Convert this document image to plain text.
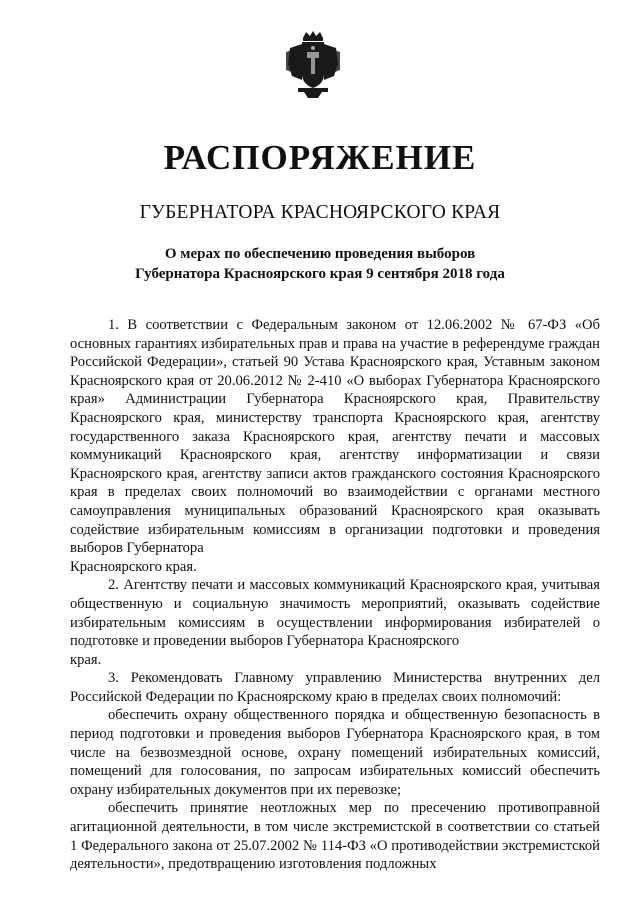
РАСПОРЯЖЕНИЕ
ГУБЕРНАТОРА КРАСНОЯРСКОГО КРАЯ
О мерах по обеспечению проведения выборов
Губернатора Красноярского края 9 сентября 2018 года

1. В соответствии с Федеральным законом от 12.06.2002 № 67-ФЗ «Об основных гарантиях избирательных прав и права на участие в референдуме граждан Российской Федерации», статьей 90 Устава Красноярского края, Уставным законом Красноярского края от 20.06.2012 № 2-410 «О выборах Губернатора Красноярского края» Администрации Губернатора Красноярского края, Правительству Красноярского края, министерству транспорта Красноярского края, агентству государственного заказа Красноярского края, агентству печати и массовых коммуникаций Красноярского края, агентству информатизации и связи Красноярского края, агентству записи актов гражданского состояния Красноярского края в пределах своих полномочий во взаимодействии с органами местного самоуправления муниципальных образований Красноярского края оказывать содействие избирательным комиссиям в организации подготовки и проведения выборов Губернатора

Красноярского края.

2. Агентству печати и массовых коммуникаций Красноярского края, учитывая общественную и социальную значимость мероприятий, оказывать содействие избирательным комиссиям в осуществлении информирования избирателей о подготовке и проведении выборов Губернатора Красноярского

края.

3. Рекомендовать Главному управлению Министерства внутренних дел Российской Федерации по Красноярскому краю в пределах своих полномочий:

обеспечить охрану общественного порядка и общественную безопасность в период подготовки и проведения выборов Губернатора Красноярского края, в том числе на безвозмездной основе, охрану помещений избирательных комиссий, помещений для голосования, по запросам избирательных комиссий обеспечить охрану избирательных документов при их перевозке;

обеспечить принятие неотложных мер по пресечению противоправной агитационной деятельности, в том числе экстремистской в соответствии со статьей 1 Федерального закона от 25.07.2002 № 114-ФЗ «О противодействии экстремистской деятельности», предотвращению изготовления подложных
